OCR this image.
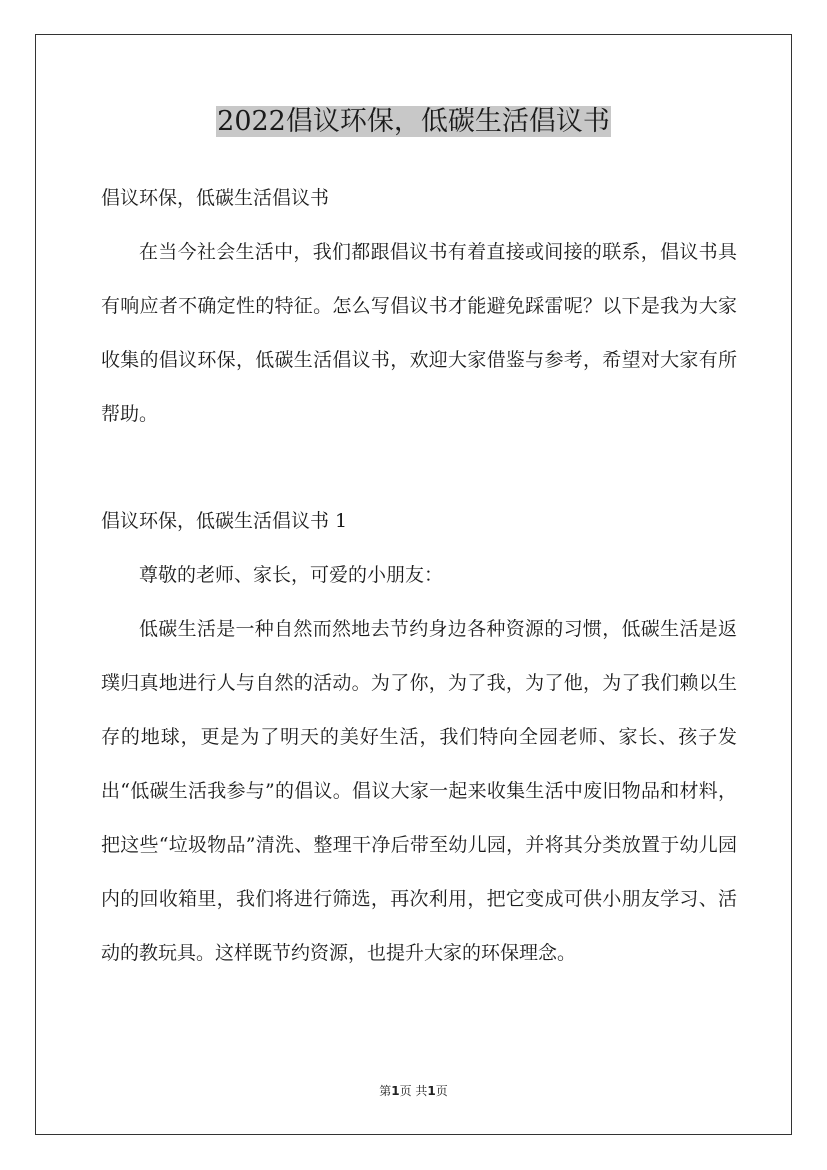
2022倡议环保，低碳生活倡议书

倡议环保，低碳生活倡议书

在当今社会生活中，我们都跟倡议书有着直接或间接的联系，倡议书具有响应者不确定性的特征。怎么写倡议书才能避免踩雷呢？以下是我为大家收集的倡议环保，低碳生活倡议书，欢迎大家借鉴与参考，希望对大家有所帮助。

倡议环保，低碳生活倡议书 1

尊敬的老师、家长，可爱的小朋友：

低碳生活是一种自然而然地去节约身边各种资源的习惯，低碳生活是返璞归真地进行人与自然的活动。为了你，为了我，为了他，为了我们赖以生存的地球，更是为了明天的美好生活，我们特向全园老师、家长、孩子发出“低碳生活我参与”的倡议。倡议大家一起来收集生活中废旧物品和材料，把这些“垃圾物品”清洗、整理干净后带至幼儿园，并将其分类放置于幼儿园内的回收箱里，我们将进行筛选，再次利用，把它变成可供小朋友学习、活动的教玩具。这样既节约资源，也提升大家的环保理念。

第1页 共1页
